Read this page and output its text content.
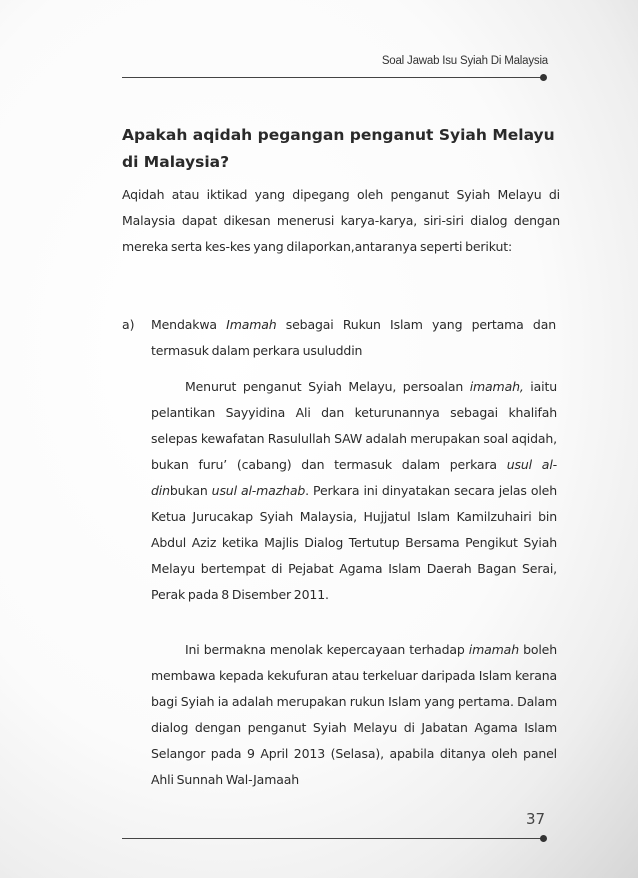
Soal Jawab Isu Syiah Di Malaysia
Apakah aqidah pegangan penganut Syiah Melayu di Malaysia?

Aqidah atau iktikad yang dipegang oleh penganut Syiah Melayu di Malaysia dapat dikesan menerusi karya-karya, siri-siri dialog dengan mereka serta kes-kes yang dilaporkan,antaranya seperti berikut:

a) Mendakwa Imamah sebagai Rukun Islam yang pertama dan termasuk dalam perkara usuluddin

Menurut penganut Syiah Melayu, persoalan imamah, iaitu pelantikan Sayyidina Ali dan keturunannya sebagai khalifah selepas kewafatan Rasulullah SAW adalah merupakan soal aqidah, bukan furu’ (cabang) dan termasuk dalam perkara usul al-dinbukan usul al-mazhab. Perkara ini dinyatakan secara jelas oleh Ketua Jurucakap Syiah Malaysia, Hujjatul Islam Kamilzuhairi bin Abdul Aziz ketika Majlis Dialog Tertutup Bersama Pengikut Syiah Melayu bertempat di Pejabat Agama Islam Daerah Bagan Serai, Perak pada 8 Disember 2011.

Ini bermakna menolak kepercayaan terhadap imamah boleh membawa kepada kekufuran atau terkeluar daripada Islam kerana bagi Syiah ia adalah merupakan rukun Islam yang pertama. Dalam dialog dengan penganut Syiah Melayu di Jabatan Agama Islam Selangor pada 9 April 2013 (Selasa), apabila ditanya oleh panel Ahli Sunnah Wal-Jamaah

37
